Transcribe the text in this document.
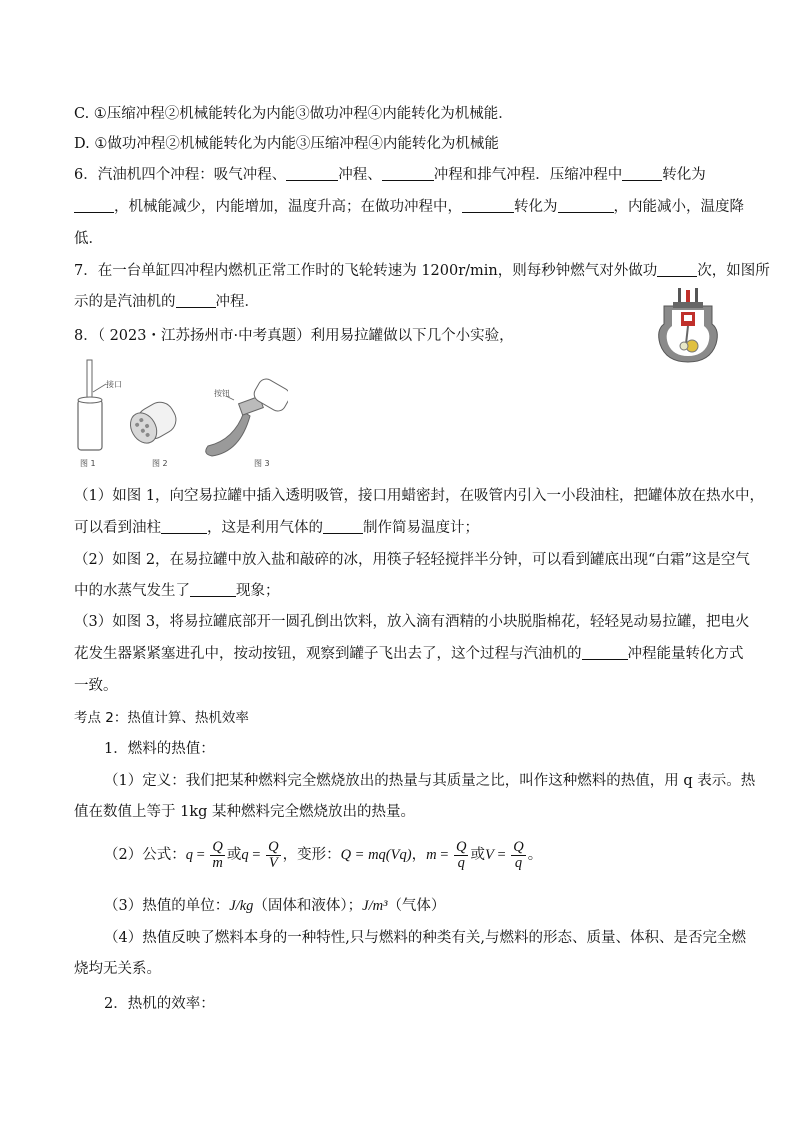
C. ①压缩冲程②机械能转化为内能③做功冲程④内能转化为机械能．
D. ①做功冲程②机械能转化为内能③压缩冲程④内能转化为机械能
6．汽油机四个冲程：吸气冲程、	冲程、	冲程和排气冲程．压缩冲程中	转化为
，机械能减少，内能增加，温度升高；在做功冲程中，	转化为	，内能减小，温度降
低．
7．在一台单缸四冲程内燃机正常工作时的飞轮转速为 1200r/min，则每秒钟燃气对外做功	次，如图所
示的是汽油机的	冲程．
8．（ 2023・江苏扬州市·中考真题）利用易拉罐做以下几个小实验，
接口
按钮
图 1	图 2	图 3
（1）如图 1，向空易拉罐中插入透明吸管，接口用蜡密封，在吸管内引入一小段油柱，把罐体放在热水中，
可以看到油柱	，这是利用气体的	制作简易温度计；
（2）如图 2，在易拉罐中放入盐和敲碎的冰，用筷子轻轻搅拌半分钟，可以看到罐底出现“白霜”这是空气
中的水蒸气发生了	现象；
（3）如图 3，将易拉罐底部开一圆孔倒出饮料，放入滴有酒精的小块脱脂棉花，轻轻晃动易拉罐，把电火
花发生器紧紧塞进孔中，按动按钮，观察到罐子飞出去了，这个过程与汽油机的	冲程能量转化方式
一致。
考点 2：热值计算、热机效率
1．燃料的热值：
（1）定义：我们把某种燃料完全燃烧放出的热量与其质量之比，叫作这种燃料的热值，用 q 表示。热
值在数值上等于 1kg 某种燃料完全燃烧放出的热量。
（2）公式：$q = \frac{Q}{m}$ 或$q = \frac{Q}{V}$ ，变形：Q = mq(Vq)，$m = \frac{Q}{q}$ 或$V = \frac{Q}{q}$ 。
（3）热值的单位：J/kg（固体和液体）；J/m³（气体）
（4）热值反映了燃料本身的一种特性,只与燃料的种类有关,与燃料的形态、质量、体积、是否完全燃
烧均无关系。
2．热机的效率：
